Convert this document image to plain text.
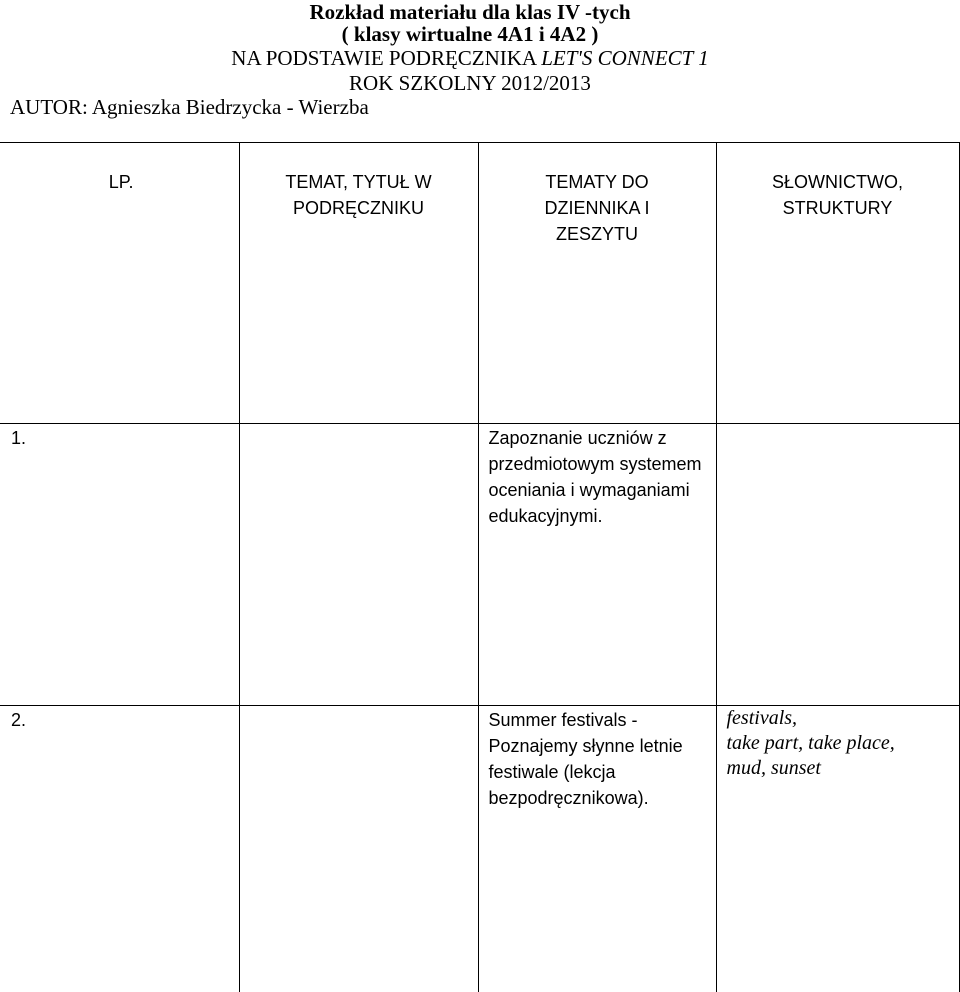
Rozkład materiału dla klas IV -tych
( klasy wirtualne 4A1 i 4A2 )
NA PODSTAWIE PODRĘCZNIKA LET'S CONNECT 1
ROK SZKOLNY 2012/2013
AUTOR: Agnieszka Biedrzycka - Wierzba
LP.	TEMAT, TYTUŁ W PODRĘCZNIKU	TEMATY DO DZIENNIKA I ZESZYTU	SŁOWNICTWO, STRUKTURY

1.		Zapoznanie uczniów z przedmiotowym systemem oceniania i wymaganiami edukacyjnymi.	

2.		Summer festivals - Poznajemy słynne letnie festiwale (lekcja bezpodręcznikowa).	festivals,
take part, take place,
mud, sunset
